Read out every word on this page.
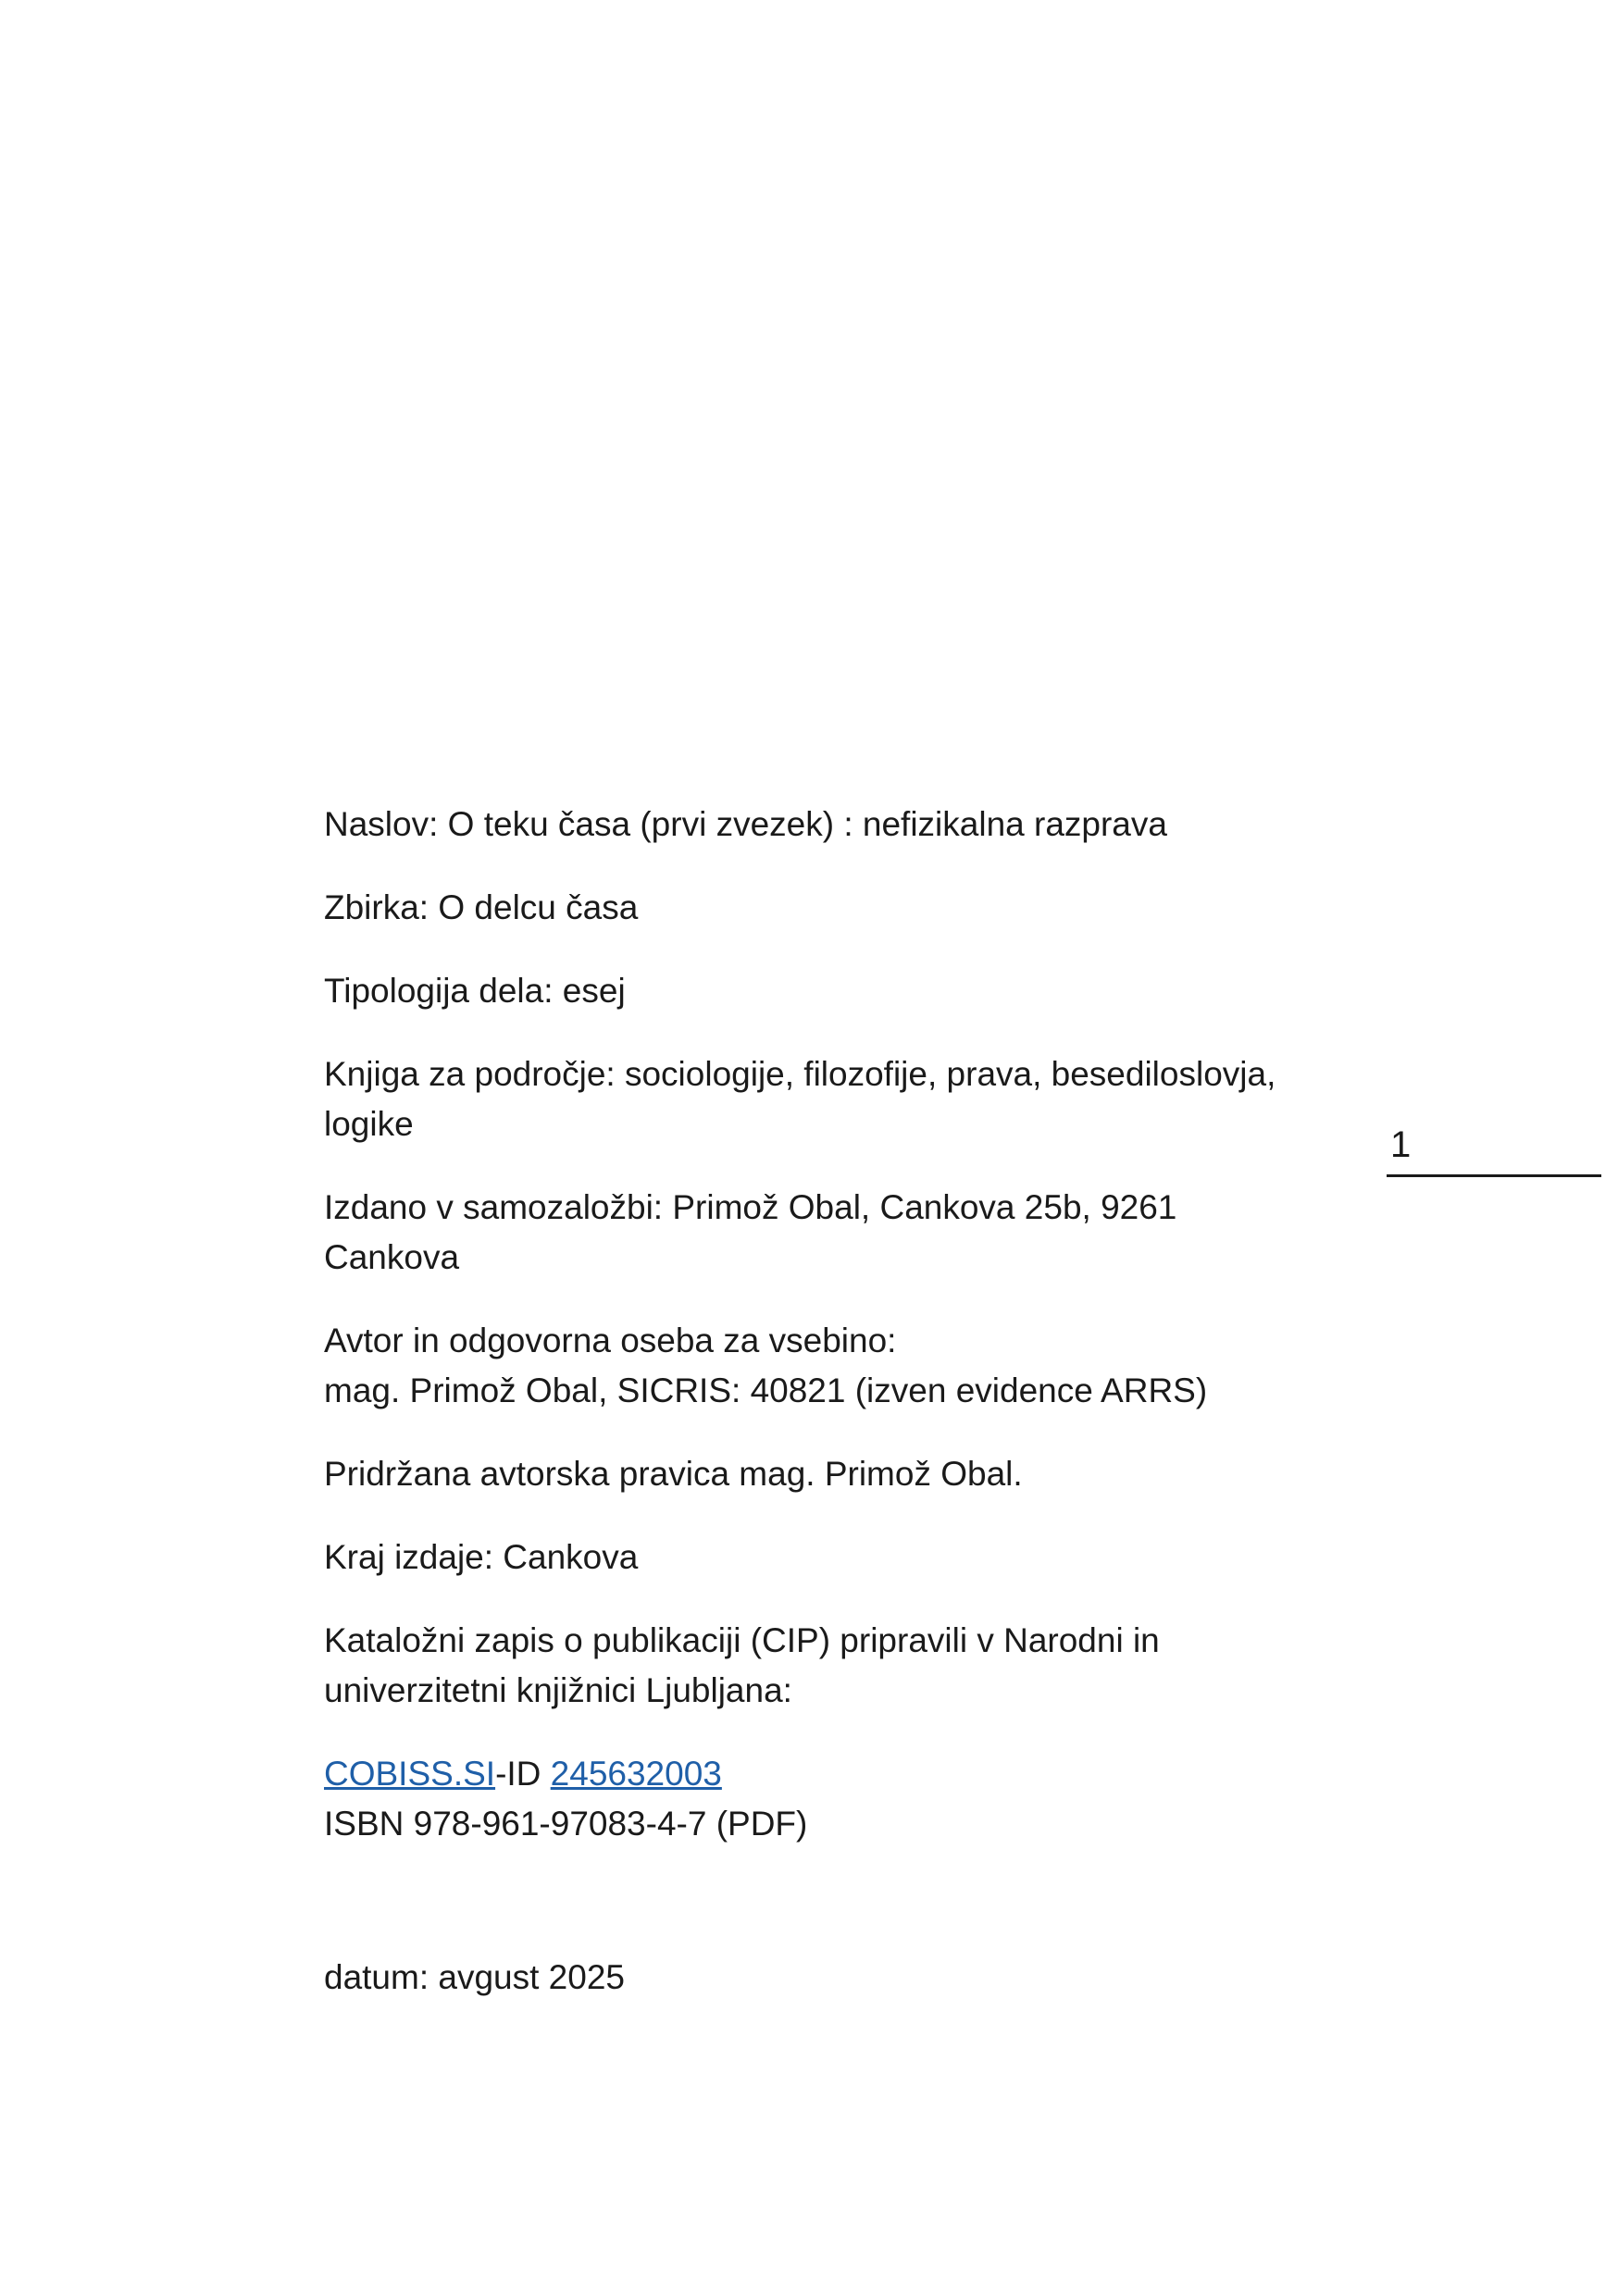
Naslov: O teku časa (prvi zvezek) : nefizikalna razprava
Zbirka: O delcu časa
Tipologija dela: esej
Knjiga za področje: sociologije, filozofije, prava, besediloslovja,
logike
Izdano v samozaložbi: Primož Obal, Cankova 25b, 9261
Cankova
Avtor in odgovorna oseba za vsebino:
mag. Primož Obal, SICRIS: 40821 (izven evidence ARRS)
Pridržana avtorska pravica mag. Primož Obal.
Kraj izdaje: Cankova
Kataložni zapis o publikaciji (CIP) pripravili v Narodni in
univerzitetni knjižnici Ljubljana:
COBISS.SI-ID 245632003
ISBN 978-961-97083-4-7 (PDF)
datum: avgust 2025
1
